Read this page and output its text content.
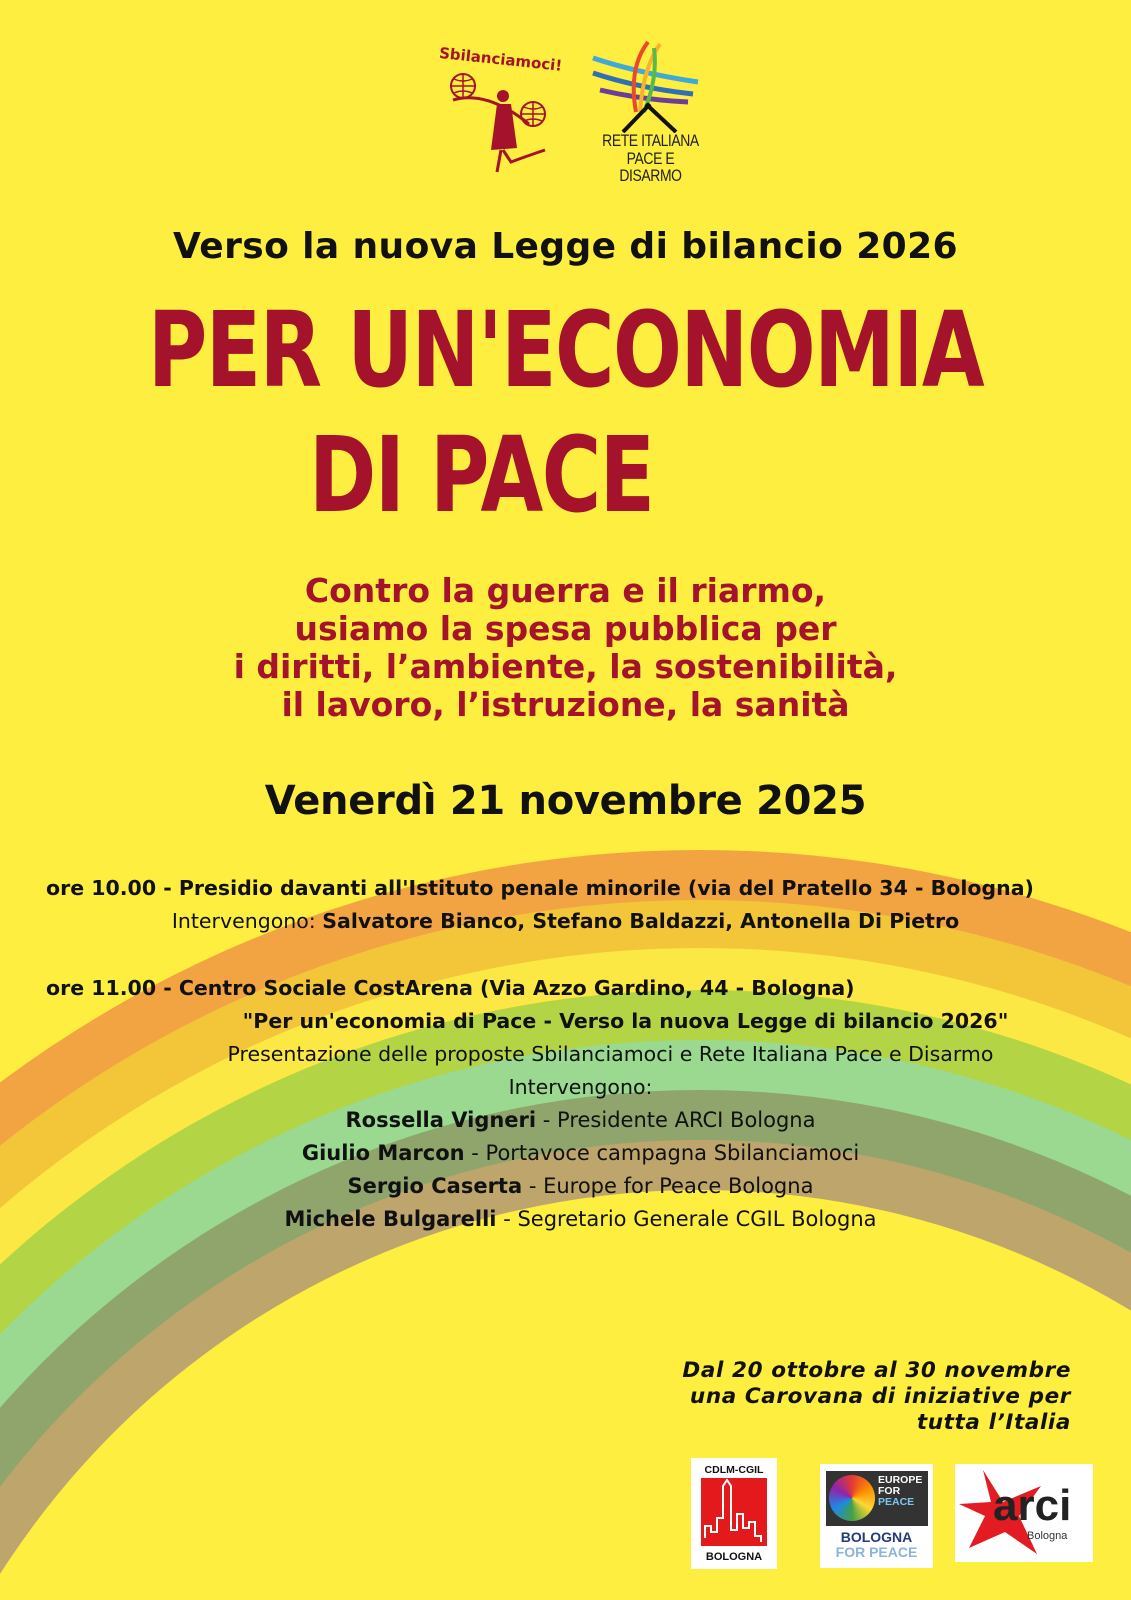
Sbilanciamoci!
RETE ITALIANA
PACE E DISARMO
Verso la nuova Legge di bilancio 2026
PER UN'ECONOMIA
DI PACE
Contro la guerra e il riarmo,
usiamo la spesa pubblica per
i diritti, l’ambiente, la sostenibilità,
il lavoro, l’istruzione, la sanità
Venerdì 21 novembre 2025
ore 10.00 - Presidio davanti all'Istituto penale minorile (via del Pratello 34 - Bologna)
Intervengono: Salvatore Bianco, Stefano Baldazzi, Antonella Di Pietro
ore 11.00 - Centro Sociale CostArena (Via Azzo Gardino, 44 - Bologna)
"Per un'economia di Pace - Verso la nuova Legge di bilancio 2026"
Presentazione delle proposte Sbilanciamoci e Rete Italiana Pace e Disarmo
Intervengono:
Rossella Vigneri - Presidente ARCI Bologna
Giulio Marcon - Portavoce campagna Sbilanciamoci
Sergio Caserta - Europe for Peace Bologna
Michele Bulgarelli - Segretario Generale CGIL Bologna
Dal 20 ottobre al 30 novembre
una Carovana di iniziative per
tutta l’Italia
CDLM-CGIL
BOLOGNA
EUROPE
FOR
PEACE
BOLOGNA
FOR PEACE
arci
Bologna
